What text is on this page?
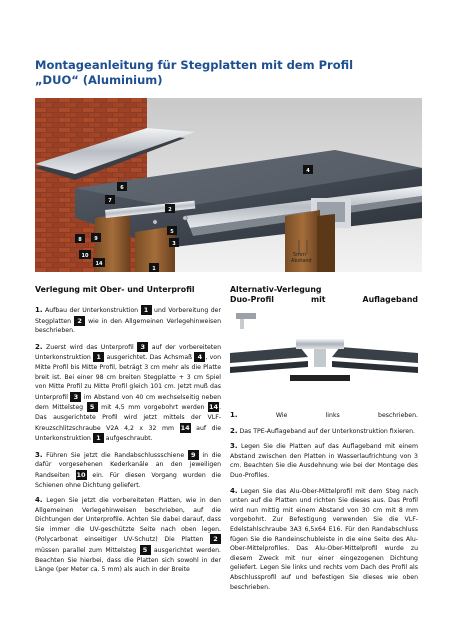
Montageanleitung für Stegplatten mit dem Profil
„DUO“ (Aluminium)
1
2
3
4
5
6
7
8	9
10
14
5mm
Abstand
Verlegung mit Ober- und Unterprofil

1. Aufbau der Unterkonstruktion 1 und Vorbereitung der Stegplatten 2 wie in den Allgemeinen Verlegehinweisen beschrieben.

2. Zuerst wird das Unterprofil 3 auf der vorbereiteten Unterkonstruktion 1 ausgerichtet. Das Achsmaß 4 , von Mitte Profil bis Mitte Profil, beträgt 3 cm mehr als die Platte breit ist. Bei einer 98 cm breiten Stegplatte + 3 cm Spiel von Mitte Profil zu Mitte Profil gleich 101 cm. Jetzt muß das Unterprofil 3 im Abstand von 40 cm wechselseitig neben dem Mittelsteg 5 mit 4,5 mm vorgebohrt werden 14. Das ausgerichtete Profil wird jetzt mittels der VLF-Kreuzschlitzschraube V2A 4,2 x 32 mm 14 auf die Unterkonstruktion 1 aufgeschraubt.

3. Führen Sie jetzt die Randabschlussschiene 9 in die dafür vorgesehenen Kederkanäle an den jeweiligen Randseiten 10 ein. Für diesen Vorgang wurden die Schienen ohne Dichtung geliefert.

4. Legen Sie jetzt die vorbereiteten Platten, wie in den Allgemeinen Verlegehinweisen beschrieben, auf die Dichtungen der Unterprofile. Achten Sie dabei darauf, dass Sie immer die UV-geschützte Seite nach oben legen. (Polycarbonat einseitiger UV-Schutz) Die Platten 2 müssen parallel zum Mittelsteg 5 ausgerichtet werden. Beachten Sie hierbei, dass die Platten sich sowohl in der Länge (per Meter ca. 5 mm) als auch in der Breite

Alternativ-Verlegung
Duo-Profil mit Auflageband

1.	Wie links beschrieben.

2. Das TPE-Auflageband auf der Unterkonstruktion fixieren.

3. Legen Sie die Platten auf das Auflageband mit einem Abstand zwischen den Platten in Wasserlaufrichtung von 3 cm. Beachten Sie die Ausdehnung wie bei der Montage des Duo-Profiles.

4. Legen Sie das Alu-Ober-Mittelprofil mit dem Steg nach unten auf die Platten und richten Sie dieses aus. Das Profil wird nun mittig mit einem Abstand von 30 cm mit 8 mm vorgebohrt. Zur Befestigung verwenden Sie die VLF-Edelstahlschraube 3A3 6,5x64 E16. Für den Randabschluss fügen Sie die Randeinschubleiste in die eine Seite des Alu-Ober-Mittelprofiles. Das Alu-Ober-Mittelprofil wurde zu diesem Zweck mit nur einer eingezogenen Dichtung geliefert. Legen Sie links und rechts vom Dach des Profil als Abschlussprofil auf und befestigen Sie dieses wie oben beschrieben.
